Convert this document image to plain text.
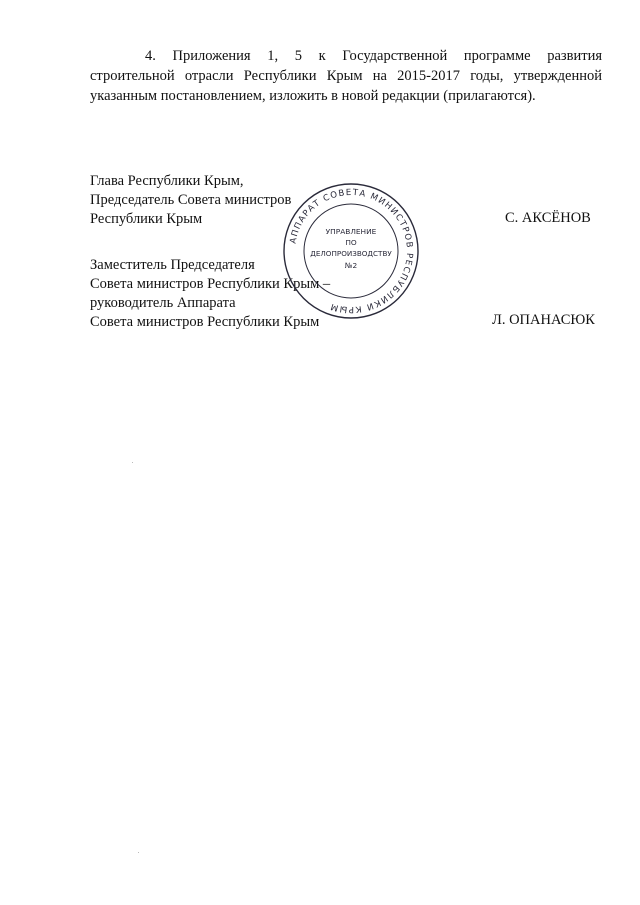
4. Приложения 1, 5 к Государственной программе развития
строительной отрасли Республики Крым на 2015-2017 годы, утвержденной
указанным постановлением, изложить в новой редакции (прилагаются).
Глава Республики Крым,
Председатель Совета министров
Республики Крым	С. АКСЁНОВ
Заместитель Председателя
Совета министров Республики Крым –
руководитель Аппарата
Совета министров Республики Крым	Л. ОПАНАСЮК
АППАРАТ СОВЕТА МИНИСТРОВ РЕСПУБЛИКИ КРЫМ
УПРАВЛЕНИЕ
ПО
ДЕЛОПРОИЗВОДСТВУ
№2
